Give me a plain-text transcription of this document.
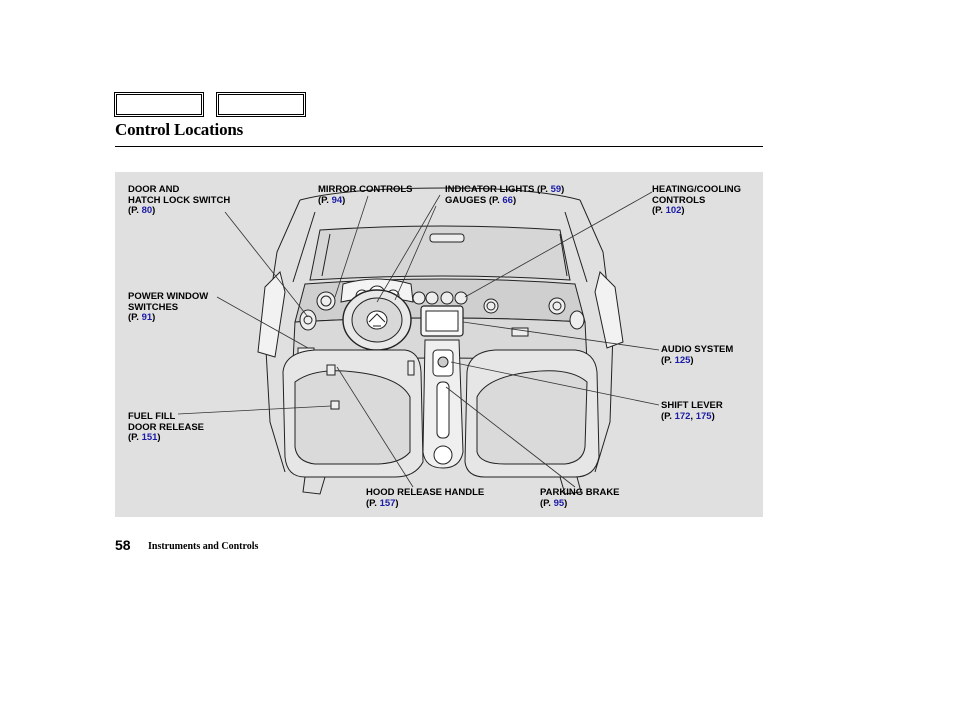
Control Locations
DOOR AND
HATCH LOCK SWITCH
(P. 80)
MIRROR CONTROLS
(P. 94)
INDICATOR LIGHTS (P. 59)
GAUGES (P. 66)
HEATING/COOLING
CONTROLS
(P. 102)
POWER WINDOW
SWITCHES
(P. 91)
AUDIO SYSTEM
(P. 125)
SHIFT LEVER
(P. 172, 175)
FUEL FILL
DOOR RELEASE
(P. 151)
HOOD RELEASE HANDLE
(P. 157)
PARKING BRAKE
(P. 95)
58 Instruments and Controls
